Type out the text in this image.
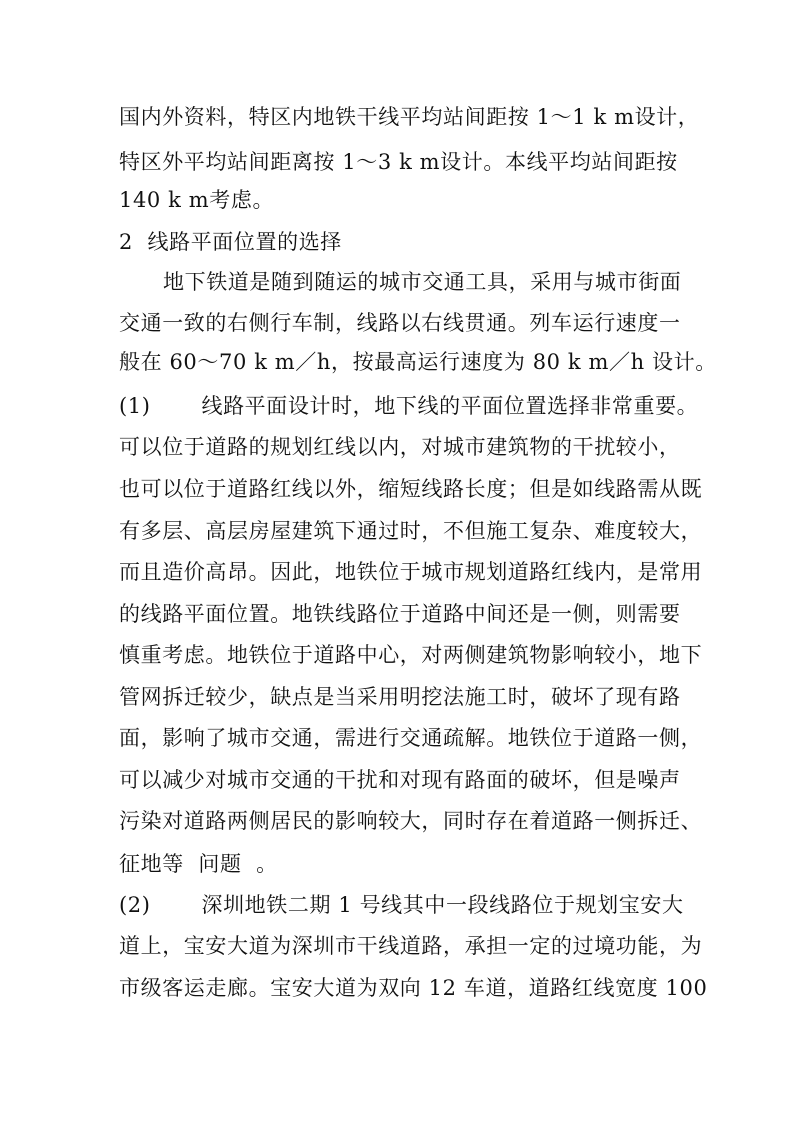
国内外资料，特区内地铁干线平均站间距按 1～1 k m设计，
特区外平均站间距离按 1～3 k m设计。本线平均站间距按
140 k m考虑。
2  线路平面位置的选择
地下铁道是随到随运的城市交通工具，采用与城市街面
交通一致的右侧行车制，线路以右线贯通。列车运行速度一
般在 60～70 k m／h，按最高运行速度为 80 k m／h 设计。
(1)       线路平面设计时，地下线的平面位置选择非常重要。
可以位于道路的规划红线以内，对城市建筑物的干扰较小，
也可以位于道路红线以外，缩短线路长度；但是如线路需从既
有多层、高层房屋建筑下通过时，不但施工复杂、难度较大，
而且造价高昂。因此，地铁位于城市规划道路红线内，是常用
的线路平面位置。地铁线路位于道路中间还是一侧，则需要
慎重考虑。地铁位于道路中心，对两侧建筑物影响较小，地下
管网拆迁较少，缺点是当采用明挖法施工时，破坏了现有路
面，影响了城市交通，需进行交通疏解。地铁位于道路一侧，
可以减少对城市交通的干扰和对现有路面的破坏，但是噪声
污染对道路两侧居民的影响较大，同时存在着道路一侧拆迁、
征地等  问题  。
(2)       深圳地铁二期 1 号线其中一段线路位于规划宝安大
道上，宝安大道为深圳市干线道路，承担一定的过境功能，为
市级客运走廊。宝安大道为双向 12 车道，道路红线宽度 100
